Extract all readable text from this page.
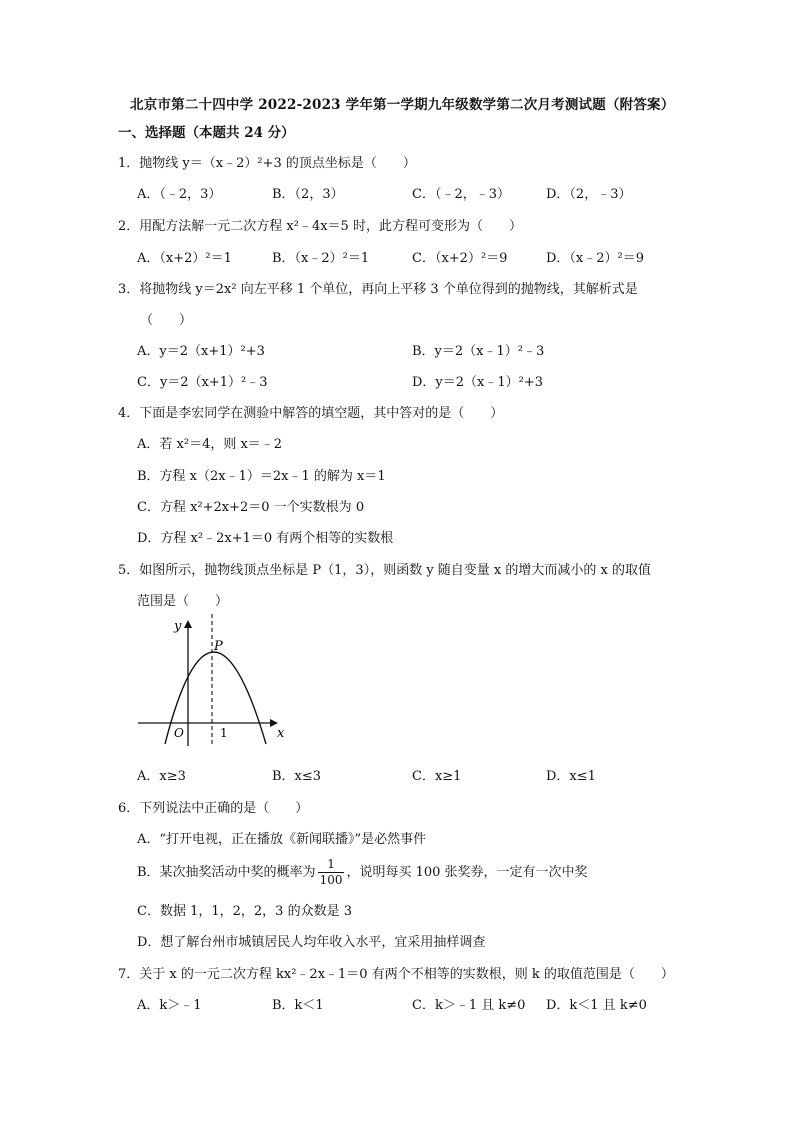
北京市第二十四中学 2022-2023 学年第一学期九年级数学第二次月考测试题（附答案）
一、选择题（本题共 24 分）
1．抛物线 y＝（x﹣2）²+3 的顶点坐标是（　　）
A．（﹣2，3）	B．（2，3）	C．（﹣2，﹣3）	D．（2，﹣3）
2．用配方法解一元二次方程 x²﹣4x＝5 时，此方程可变形为（　　）
A．（x+2）²＝1	B．（x﹣2）²＝1	C．（x+2）²＝9	D．（x﹣2）²＝9
3．将抛物线 y＝2x² 向左平移 1 个单位，再向上平移 3 个单位得到的抛物线，其解析式是
（　　）
A．y＝2（x+1）²+3	B．y＝2（x﹣1）²﹣3
C．y＝2（x+1）²﹣3	D．y＝2（x﹣1）²+3
4．下面是李宏同学在测验中解答的填空题，其中答对的是（　　）
A．若 x²＝4，则 x＝﹣2
B．方程 x（2x﹣1）＝2x﹣1 的解为 x＝1
C．方程 x²+2x+2＝0 一个实数根为 0
D．方程 x²﹣2x+1＝0 有两个相等的实数根
5．如图所示，抛物线顶点坐标是 P（1，3），则函数 y 随自变量 x 的增大而减小的 x 的取值
范围是（　　）
y
x
O
P
1
A．x≥3	B．x≤3	C．x≥1	D．x≤1
6．下列说法中正确的是（　　）
A．“打开电视，正在播放《新闻联播》”是必然事件
B．某次抽奖活动中奖的概率为 $\frac{1}{100}$ ，说明每买 100 张奖券，一定有一次中奖
C．数据 1，1，2，2，3 的众数是 3
D．想了解台州市城镇居民人均年收入水平，宜采用抽样调查
7．关于 x 的一元二次方程 kx²﹣2x﹣1＝0 有两个不相等的实数根，则 k 的取值范围是（　　）
A．k＞﹣1	B．k＜1	C．k＞﹣1 且 k≠0 D．k＜1 且 k≠0
